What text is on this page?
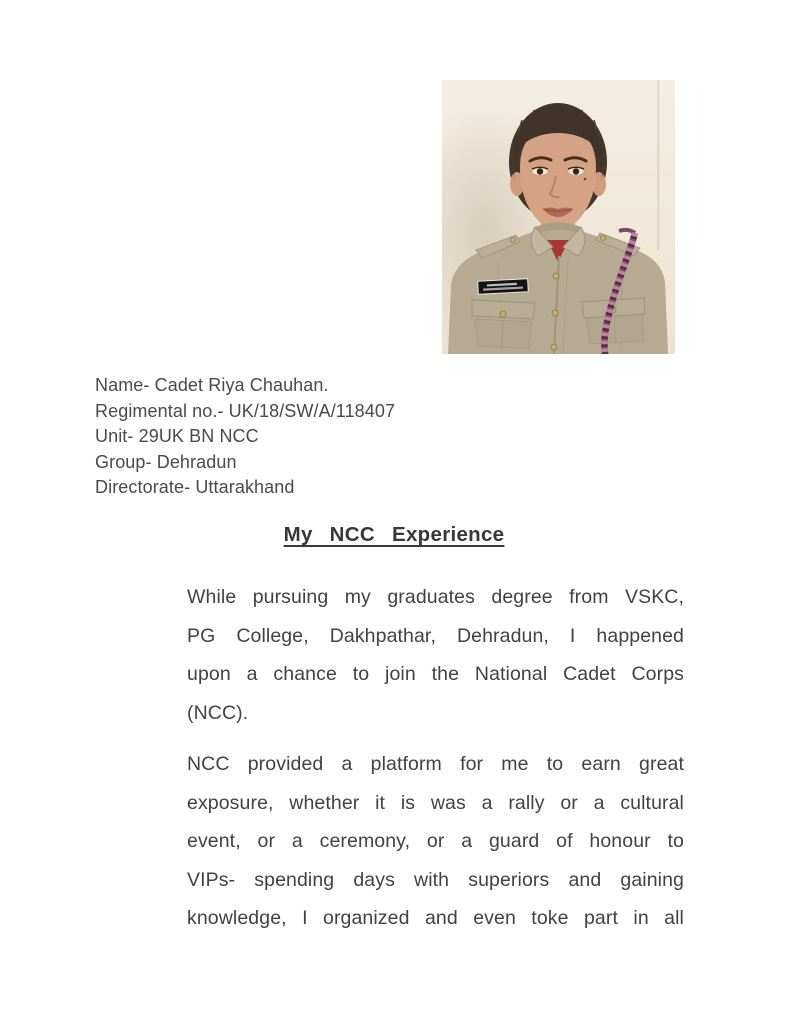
Name- Cadet Riya Chauhan.
Regimental no.- UK/18/SW/A/118407
Unit- 29UK BN NCC
Group- Dehradun
Directorate- Uttarakhand
My NCC Experience
While pursuing my graduates degree from VSKC,
PG College, Dakhpathar, Dehradun, I happened
upon a chance to join the National Cadet Corps
(NCC).
NCC provided a platform for me to earn great
exposure, whether it is was a rally or a cultural
event, or a ceremony, or a guard of honour to
VIPs- spending days with superiors and gaining
knowledge, I organized and even toke part in all
